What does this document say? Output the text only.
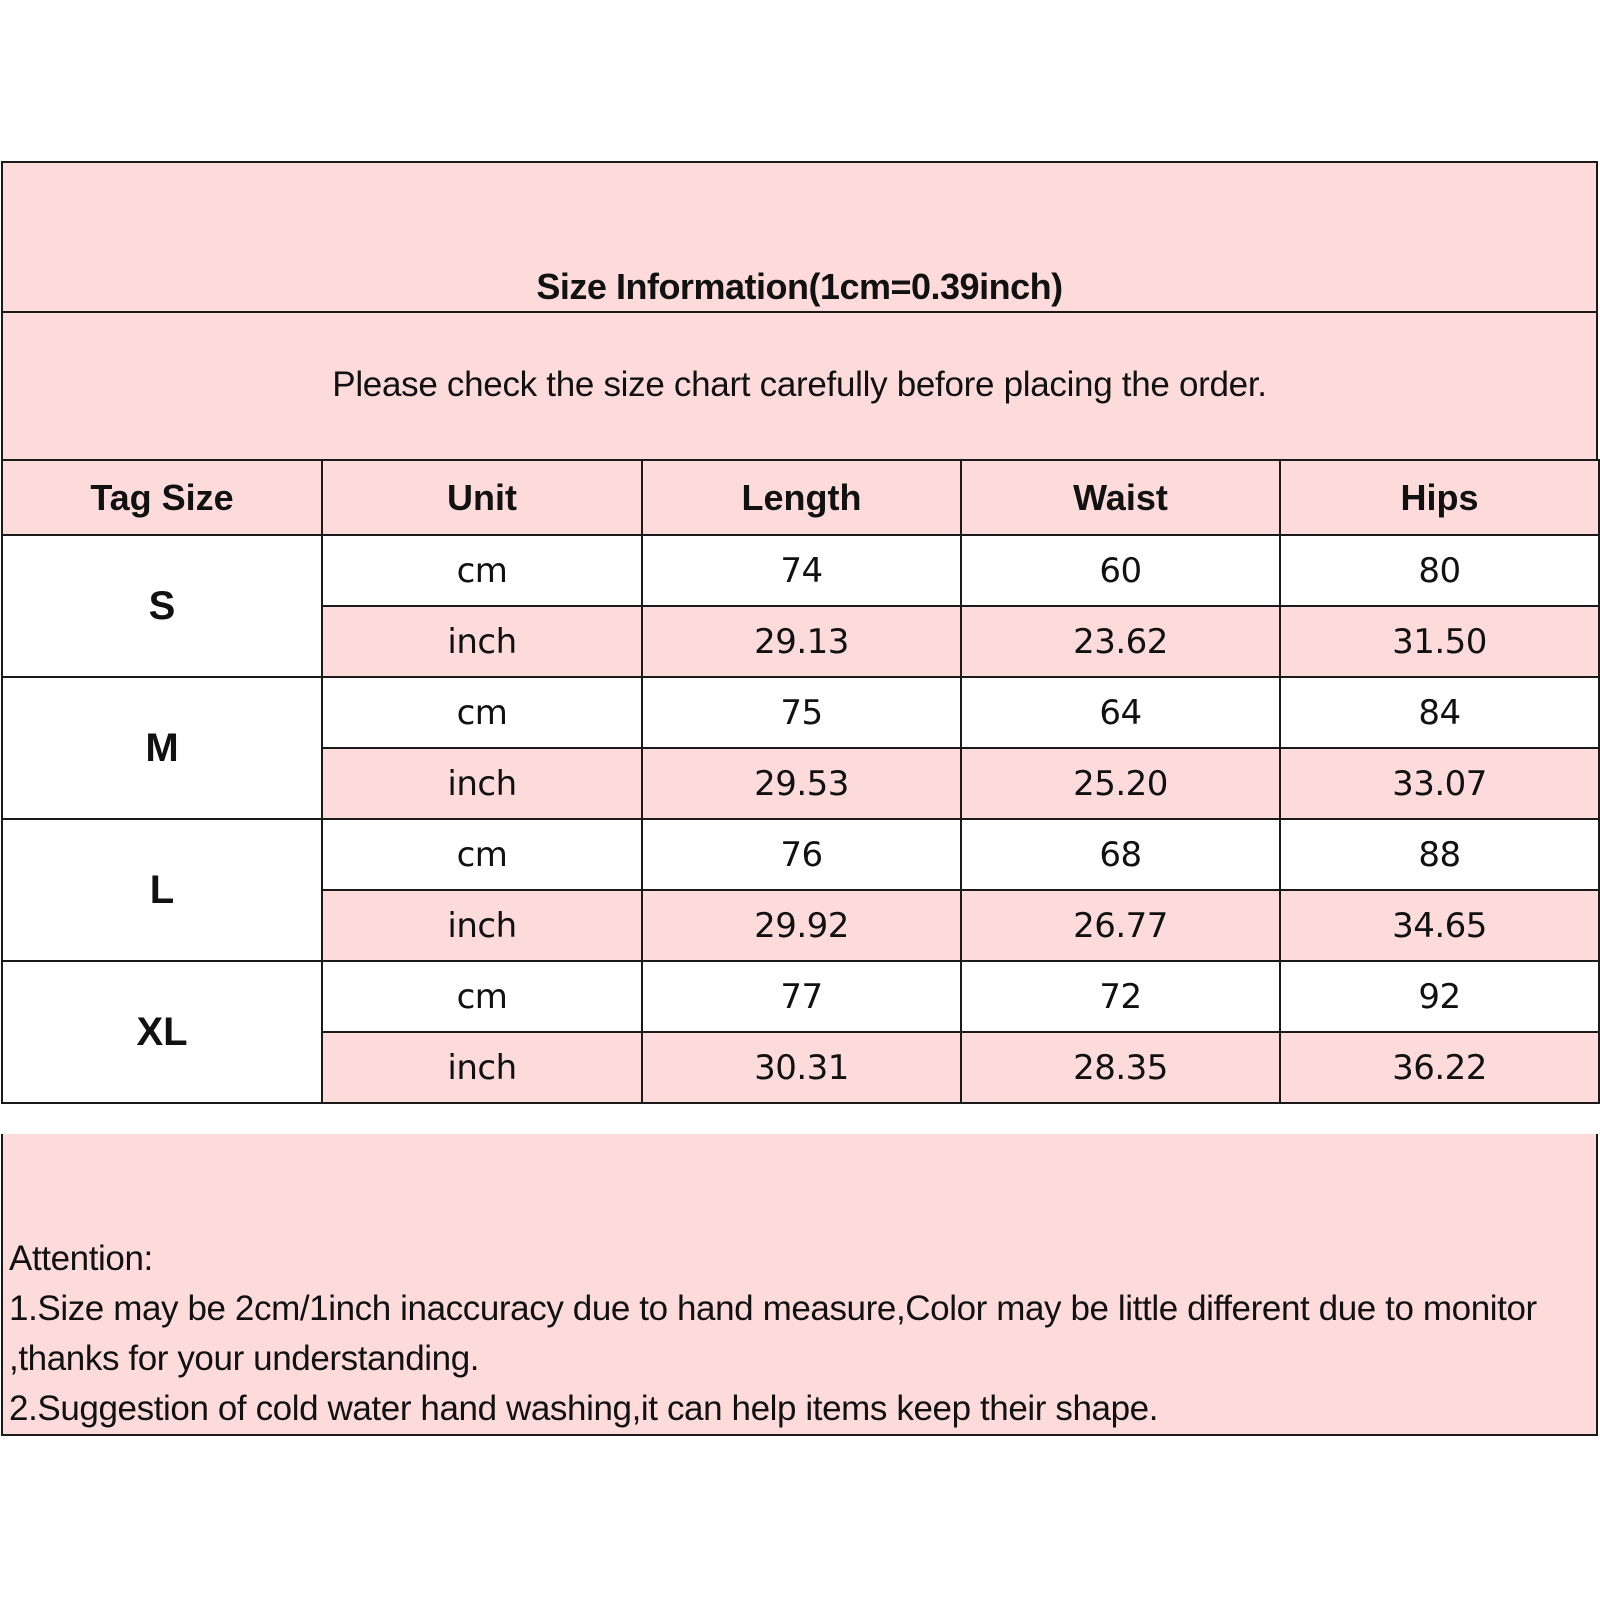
Size Information(1cm=0.39inch)
Please check the size chart carefully before placing the order.
Tag Size	Unit	Length	Waist	Hips
S	cm	74	60	80
	inch	29.13	23.62	31.50
M	cm	75	64	84
	inch	29.53	25.20	33.07
L	cm	76	68	88
	inch	29.92	26.77	34.65
XL	cm	77	72	92
	inch	30.31	28.35	36.22
Attention:
1.Size may be 2cm/1inch inaccuracy due to hand measure,Color may be little different due to monitor
,thanks for your understanding.
2.Suggestion of cold water hand washing,it can help items keep their shape.
